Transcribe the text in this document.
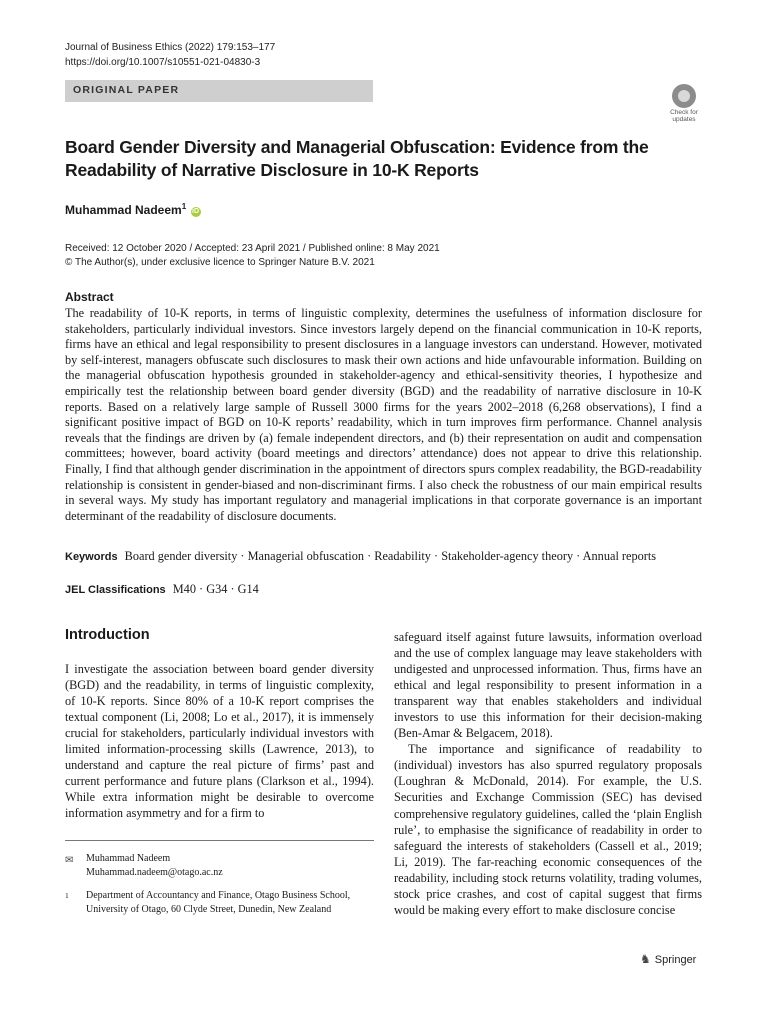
Journal of Business Ethics (2022) 179:153–177
https://doi.org/10.1007/s10551-021-04830-3
ORIGINAL PAPER
Check for updates
Board Gender Diversity and Managerial Obfuscation: Evidence from the Readability of Narrative Disclosure in 10-K Reports
Muhammad Nadeem$^1$ iD
Received: 12 October 2020 / Accepted: 23 April 2021 / Published online: 8 May 2021
© The Author(s), under exclusive licence to Springer Nature B.V. 2021
Abstract
The readability of 10-K reports, in terms of linguistic complexity, determines the usefulness of information disclosure for stakeholders, particularly individual investors. Since investors largely depend on the financial communication in 10-K reports, firms have an ethical and legal responsibility to present disclosures in a language investors can understand. However, motivated by self-interest, managers obfuscate such disclosures to mask their own actions and hide unfavourable information. Building on the managerial obfuscation hypothesis grounded in stakeholder-agency and ethical-sensitivity theories, I hypothesize and empirically test the relationship between board gender diversity (BGD) and the readability of narrative disclosure in 10-K reports. Based on a relatively large sample of Russell 3000 firms for the years 2002–2018 (6,268 observations), I find a significant positive impact of BGD on 10-K reports’ readability, which in turn improves firm performance. Channel analysis reveals that the findings are driven by (a) female independent directors, and (b) their representation on audit and compensation committees; however, board activity (board meetings and directors’ attendance) does not appear to drive this relationship. Finally, I find that although gender discrimination in the appointment of directors spurs complex readability, the BGD-readability relationship is consistent in gender-biased and non-discriminant firms. I also check the robustness of our main empirical results in several ways. My study has important regulatory and managerial implications in that corporate governance is an important determinant of the readability of disclosure documents.
Keywords Board gender diversity · Managerial obfuscation · Readability · Stakeholder-agency theory · Annual reports
JEL Classifications M40 · G34 · G14
Introduction

I investigate the association between board gender diversity (BGD) and the readability, in terms of linguistic complexity, of 10-K reports. Since 80% of a 10-K report comprises the textual component (Li, 2008; Lo et al., 2017), it is immensely crucial for stakeholders, particularly individual investors with limited information-processing skills (Lawrence, 2013), to understand and capture the real picture of firms’ past and current performance and future plans (Clarkson et al., 1994). While extra information might be desirable to overcome information asymmetry and for a firm to

safeguard itself against future lawsuits, information overload and the use of complex language may leave stakeholders with undigested and unprocessed information. Thus, firms have an ethical and legal responsibility to present information in a transparent way that enables stakeholders and individual investors to use this information for their decision-making (Ben-Amar & Belgacem, 2018).

The importance and significance of readability to (individual) investors has also spurred regulatory proposals (Loughran & McDonald, 2014). For example, the U.S. Securities and Exchange Commission (SEC) has devised comprehensive regulatory guidelines, called the ‘plain English rule’, to emphasise the significance of readability in order to safeguard the interests of stakeholders (Cassell et al., 2019; Li, 2019). The far-reaching economic consequences of the readability, including stock returns volatility, trading volumes, stock price crashes, and cost of capital suggest that firms would be making every effort to make disclosure concise

✉ Muhammad Nadeem
Muhammad.nadeem@otago.ac.nz
1 Department of Accountancy and Finance, Otago Business School, University of Otago, 60 Clyde Street, Dunedin, New Zealand
♞ Springer
